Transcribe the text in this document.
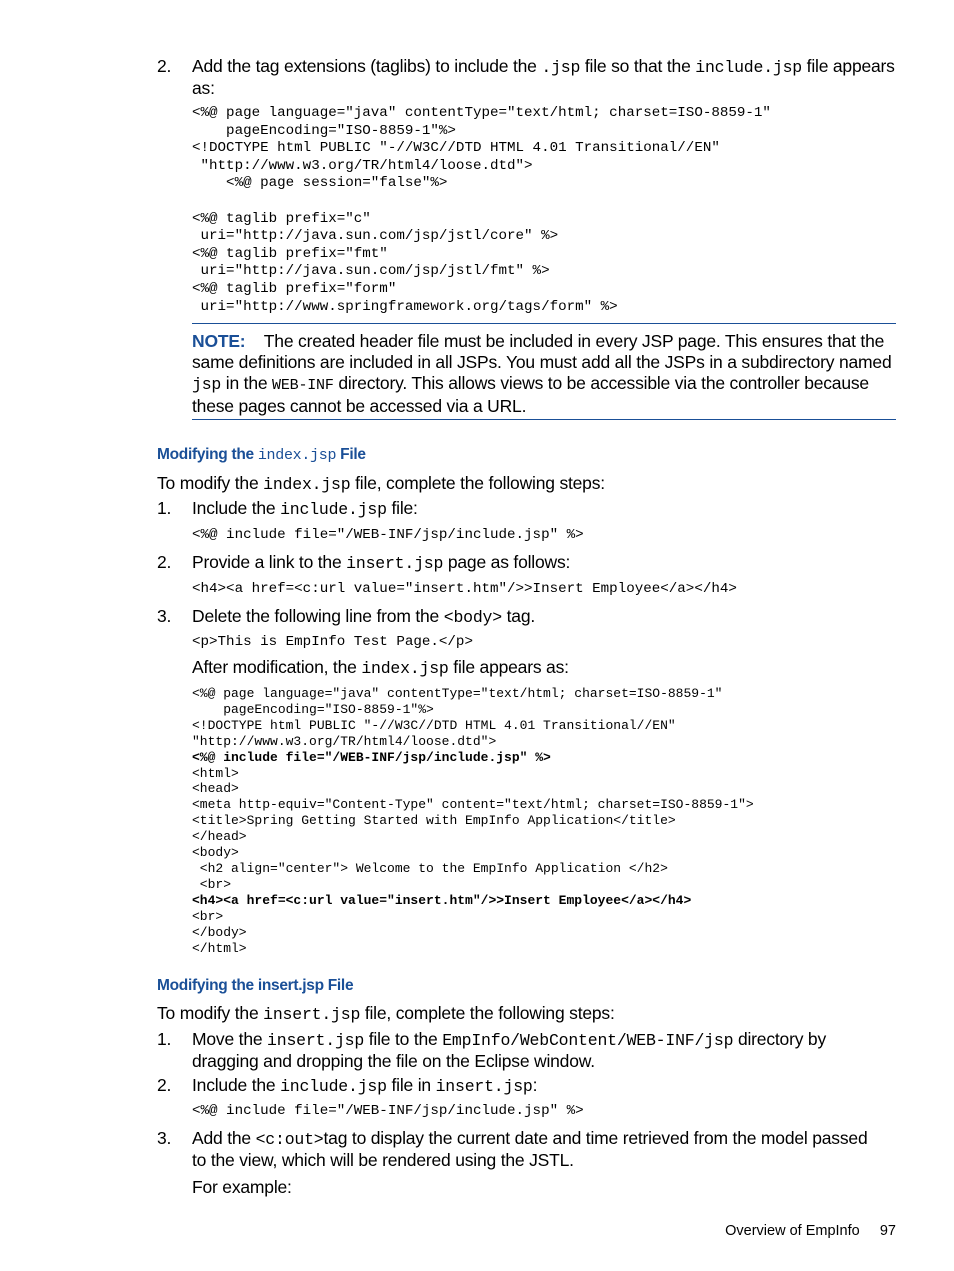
2. Add the tag extensions (taglibs) to include the .jsp file so that the include.jsp file appears
as:
<%@ page language="java" contentType="text/html; charset=ISO-8859-1"
pageEncoding="ISO-8859-1"%>
<!DOCTYPE html PUBLIC "-//W3C//DTD HTML 4.01 Transitional//EN"
"http://www.w3.org/TR/html4/loose.dtd">
<%@ page session="false"%>

<%@ taglib prefix="c"
uri="http://java.sun.com/jsp/jstl/core" %>
<%@ taglib prefix="fmt"
uri="http://java.sun.com/jsp/jstl/fmt" %>
<%@ taglib prefix="form"
uri="http://www.springframework.org/tags/form" %>
NOTE: The created header file must be included in every JSP page. This ensures that the
same definitions are included in all JSPs. You must add all the JSPs in a subdirectory named
jsp in the WEB-INF directory. This allows views to be accessible via the controller because
these pages cannot be accessed via a URL.
Modifying the index.jsp File
To modify the index.jsp file, complete the following steps:
1. Include the include.jsp file:
<%@ include file="/WEB-INF/jsp/include.jsp" %>
2. Provide a link to the insert.jsp page as follows:
<h4><a href=<c:url value="insert.htm"/>>Insert Employee</a></h4>
3. Delete the following line from the <body> tag.
<p>This is EmpInfo Test Page.</p>
After modification, the index.jsp file appears as:
<%@ page language="java" contentType="text/html; charset=ISO-8859-1"
pageEncoding="ISO-8859-1"%>
<!DOCTYPE html PUBLIC "-//W3C//DTD HTML 4.01 Transitional//EN"
"http://www.w3.org/TR/html4/loose.dtd">
<%@ include file="/WEB-INF/jsp/include.jsp" %>
<html>
<head>
<meta http-equiv="Content-Type" content="text/html; charset=ISO-8859-1">
<title>Spring Getting Started with EmpInfo Application</title>
</head>
<body>
<h2 align="center"> Welcome to the EmpInfo Application </h2>
<br>
<h4><a href=<c:url value="insert.htm"/>>Insert Employee</a></h4>
<br>
</body>
</html>
Modifying the insert.jsp File
To modify the insert.jsp file, complete the following steps:
1. Move the insert.jsp file to the EmpInfo/WebContent/WEB-INF/jsp directory by
dragging and dropping the file on the Eclipse window.
2. Include the include.jsp file in insert.jsp:
<%@ include file="/WEB-INF/jsp/include.jsp" %>
3. Add the <c:out>tag to display the current date and time retrieved from the model passed
to the view, which will be rendered using the JSTL.
For example:
Overview of EmpInfo 97
